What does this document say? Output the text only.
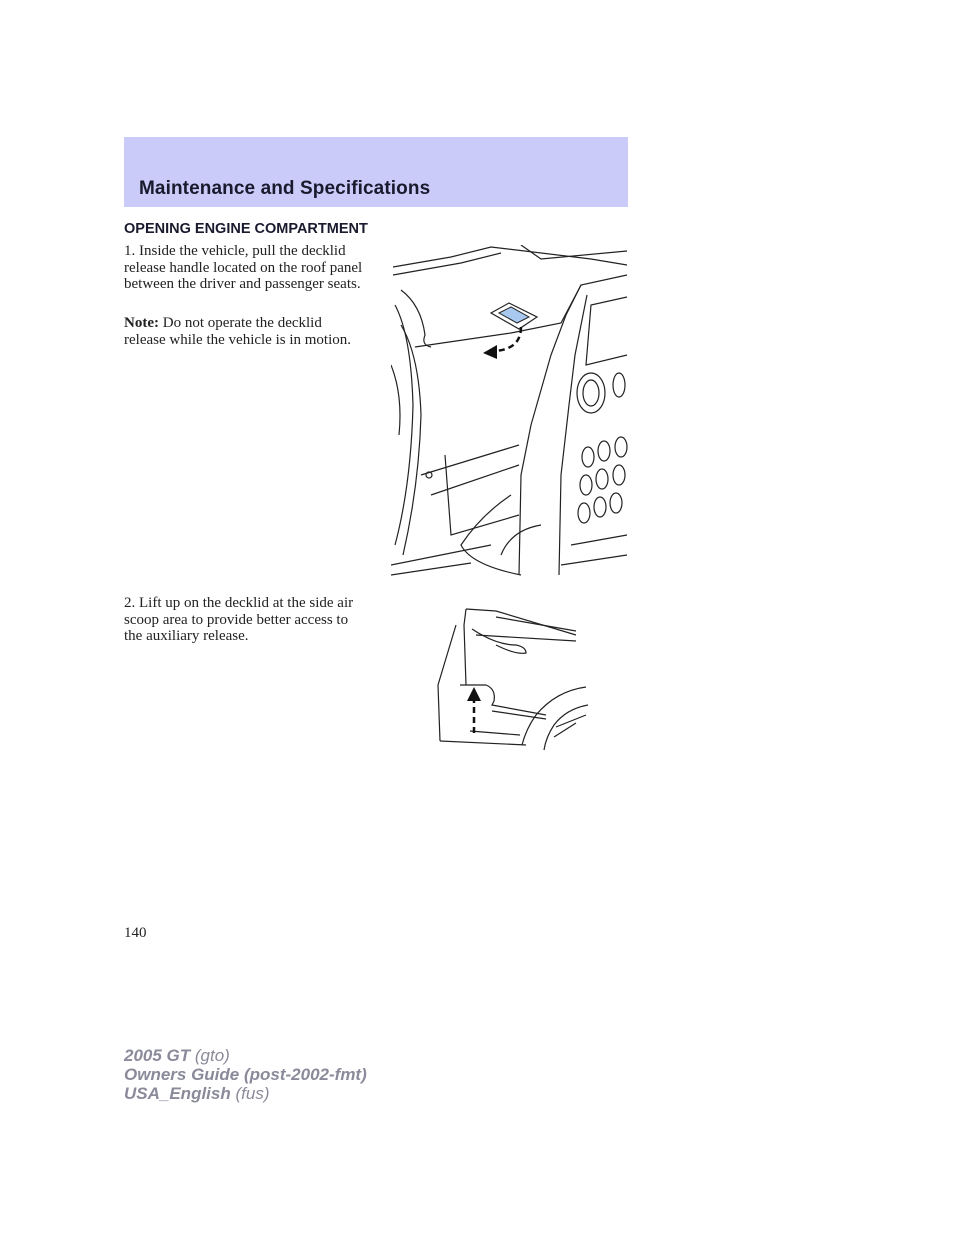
Maintenance and Specifications
OPENING ENGINE COMPARTMENT
1. Inside the vehicle, pull the decklid release handle located on the roof panel between the driver and passenger seats.
Note: Do not operate the decklid release while the vehicle is in motion.
2. Lift up on the decklid at the side air scoop area to provide better access to the auxiliary release.
140
2005 GT (gto)
Owners Guide (post-2002-fmt)
USA_English (fus)
